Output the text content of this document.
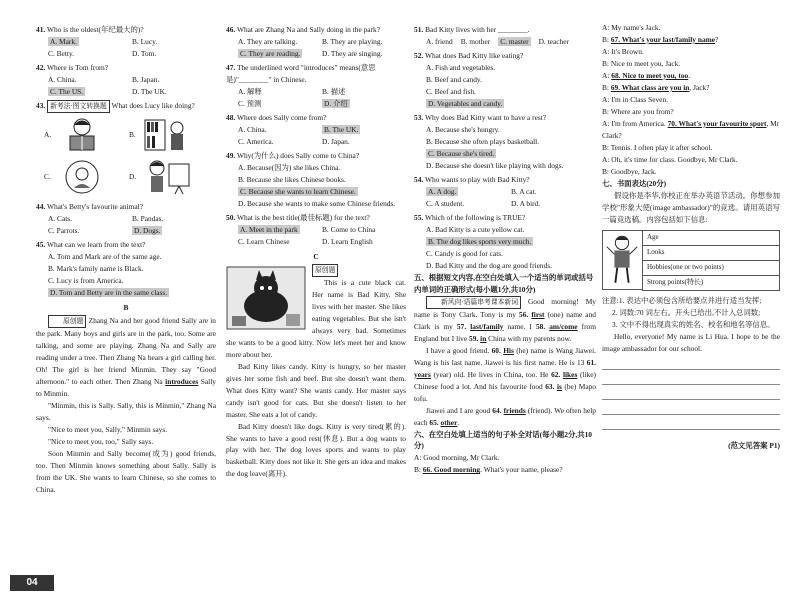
41. Who is the oldest(年纪最大的)?
A. Mark.	B. Lucy.
C. Betty.	D. Tom.
42. Where is Tom from?
A. China.	B. Japan.
C. The US.	D. The UK.
43. 新考法·图文转换题 What does Lucy like doing?
A.	B.
C.	D.
44. What's Betty's favourite animal?
A. Cats.	B. Pandas.
C. Parrots.	D. Dogs.
45. What can we learn from the text?
A. Tom and Mark are of the same age.
B. Mark's family name is Black.
C. Lucy is from America.
D. Tom and Betty are in the same class.
B
原创题 Zhang Na and her good friend Sally are in the park. Many boys and girls are in the park, too. Some are talking, and some are playing. Zhang Na and Sally are reading under a tree. Then Zhang Na hears a girl calling her. Oh! The girl is her friend Minmin. They say "Good afternoon." to each other. Then Zhang Na introduces Sally to Minmin.
"Minmin, this is Sally. Sally, this is Minmin," Zhang Na says.
"Nice to meet you, Sally," Minmin says.
"Nice to meet you, too," Sally says.
Soon Minmin and Sally become(成为) good friends, too. Then Minmin knows something about Sally. Sally is from the UK. She wants to learn Chinese, so she comes to China.
46. What are Zhang Na and Sally doing in the park?
A. They are talking.	B. They are playing.
C. They are reading.	D. They are singing.
47. The underlined word "introduces" means(意思是)"________" in Chinese.
A. 解释	B. 描述
C. 预测	D. 介绍
48. Where does Sally come from?
A. China.	B. The UK.
C. America.	D. Japan.
49. Why(为什么) does Sally come to China?
A. Because(因为) she likes China.
B. Because she likes Chinese books.
C. Because she wants to learn Chinese.
D. Because she wants to make some Chinese friends.
50. What is the best title(最佳标题) for the text?
A. Meet in the park	B. Come to China
C. Learn Chinese	D. Learn English
C
原创题
This is a cute black cat. Her name is Bad Kitty. She lives with her master. She likes eating vegetables. But she isn't always very bad. Sometimes she wants to be a good kitty. Now let's meet her and know more about her.
Bad Kitty likes candy. Kitty is hungry, so her master gives her some fish and beef. But she doesn't want them. What does Kitty want? She wants candy. Her master says candy isn't good for cats. But she doesn't listen to her master. She eats a lot of candy.
Bad Kitty doesn't like dogs. Kitty is very tired(累的). She wants to have a good rest(休息). But a dog wants to play with her. The dog loves sports and wants to play basketball. Kitty does not like it. She gets an idea and makes the dog leave(离开).
51. Bad Kitty lives with her ________.
A. friend B. mother C. master D. teacher
52. What does Bad Kitty like eating?
A. Fish and vegetables.
B. Beef and candy.
C. Beef and fish.
D. Vegetables and candy.
53. Why does Bad Kitty want to have a rest?
A. Because she's hungry.
B. Because she often plays basketball.
C. Because she's tired.
D. Because she doesn't like playing with dogs.
54. Who wants to play with Bad Kitty?
A. A dog.	B. A cat.
C. A student.	D. A bird.
55. Which of the following is TRUE?
A. Bad Kitty is a cute yellow cat.
B. The dog likes sports very much.
C. Candy is good for cats.
D. Bad Kitty and the dog are good friends.
五、根据短文内容,在空白处填入一个适当的单词或括号内单词的正确形式(每小题1分,共10分)
新风向·语篇串考课本新词 Good morning! My name is Tony Clark. Tony is my 56. first (one) name and Clark is my 57. last/family name. I 58. am/come from England but I live 59. in China with my parents now.
I have a good friend. 60. His (he) name is Wang Jiawei. Wang is his last name. Jiawei is his first name. He is 13 61. years (year) old. He lives in China, too. He 62. likes (like) Chinese food a lot. And his favourite food 63. is (be) Mapo tofu.
Jiawei and I are good 64. friends (friend). We often help each 65. other.
六、在空白处填上适当的句子补全对话(每小题2分,共10分)
A: Good morning, Mr Clark.
B: 66. Good morning. What's your name, please?
A: My name's Jack.
B: 67. What's your last/family name?
A: It's Brown.
B: Nice to meet you, Jack.
A: 68. Nice to meet you, too.
B: 69. What class are you in, Jack?
A: I'm in Class Seven.
B: Where are you from?
A: I'm from America. 70. What's your favourite sport, Mr Clark?
B: Tennis. I often play it after school.
A: Oh, it's time for class. Goodbye, Mr Clark.
B: Goodbye, Jack.
七、书面表达(20分)
假设你是李华,你校正在举办英语节活动。你想参加学校"形象大使(image ambassador)"的竞选。请用英语写一篇竞选稿。内容包括如下信息:
Age
Looks
Hobbies(one or two points)
Strong points(特长)
注意:1. 表达中必须包含所给要点并进行适当发挥;
2. 词数:70 词左右。开头已给出,不计入总词数;
3. 文中不得出现真实的姓名、校名和地名等信息。
Hello, everyone! My name is Li Hua. I hope to be the image ambassador for our school.
(范文见答案 P1)
04
